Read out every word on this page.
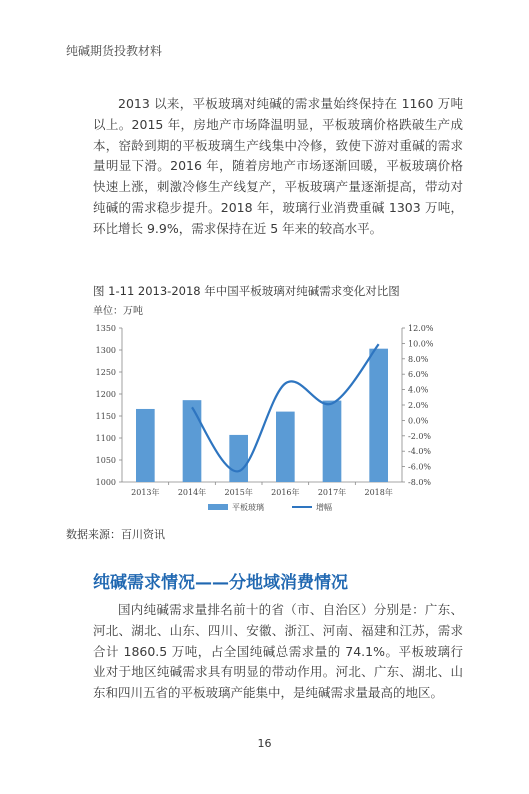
纯碱期货投教材料

2013 以来，平板玻璃对纯碱的需求量始终保持在 1160 万吨以上。2015 年，房地产市场降温明显，平板玻璃价格跌破生产成本，窑龄到期的平板玻璃生产线集中冷修，致使下游对重碱的需求量明显下滑。2016 年，随着房地产市场逐渐回暖，平板玻璃价格快速上涨，刺激冷修生产线复产，平板玻璃产量逐渐提高，带动对纯碱的需求稳步提升。2018 年，玻璃行业消费重碱 1303 万吨，环比增长 9.9%，需求保持在近 5 年来的较高水平。

图 1-11 2013-2018 年中国平板玻璃对纯碱需求变化对比图
单位：万吨
1000
1050
1100
1150
1200
1250
1300
1350
-8.0%
-6.0%
-4.0%
-2.0%
0.0%
2.0%
4.0%
6.0%
8.0%
10.0%
12.0%
2013年 2014年 2015年 2016年 2017年 2018年
平板玻璃	增幅
数据来源：百川资讯
纯碱需求情况——分地域消费情况

国内纯碱需求量排名前十的省（市、自治区）分别是：广东、河北、湖北、山东、四川、安徽、浙江、河南、福建和江苏，需求合计 1860.5 万吨，占全国纯碱总需求量的 74.1%。平板玻璃行业对于地区纯碱需求具有明显的带动作用。河北、广东、湖北、山东和四川五省的平板玻璃产能集中，是纯碱需求量最高的地区。

16
